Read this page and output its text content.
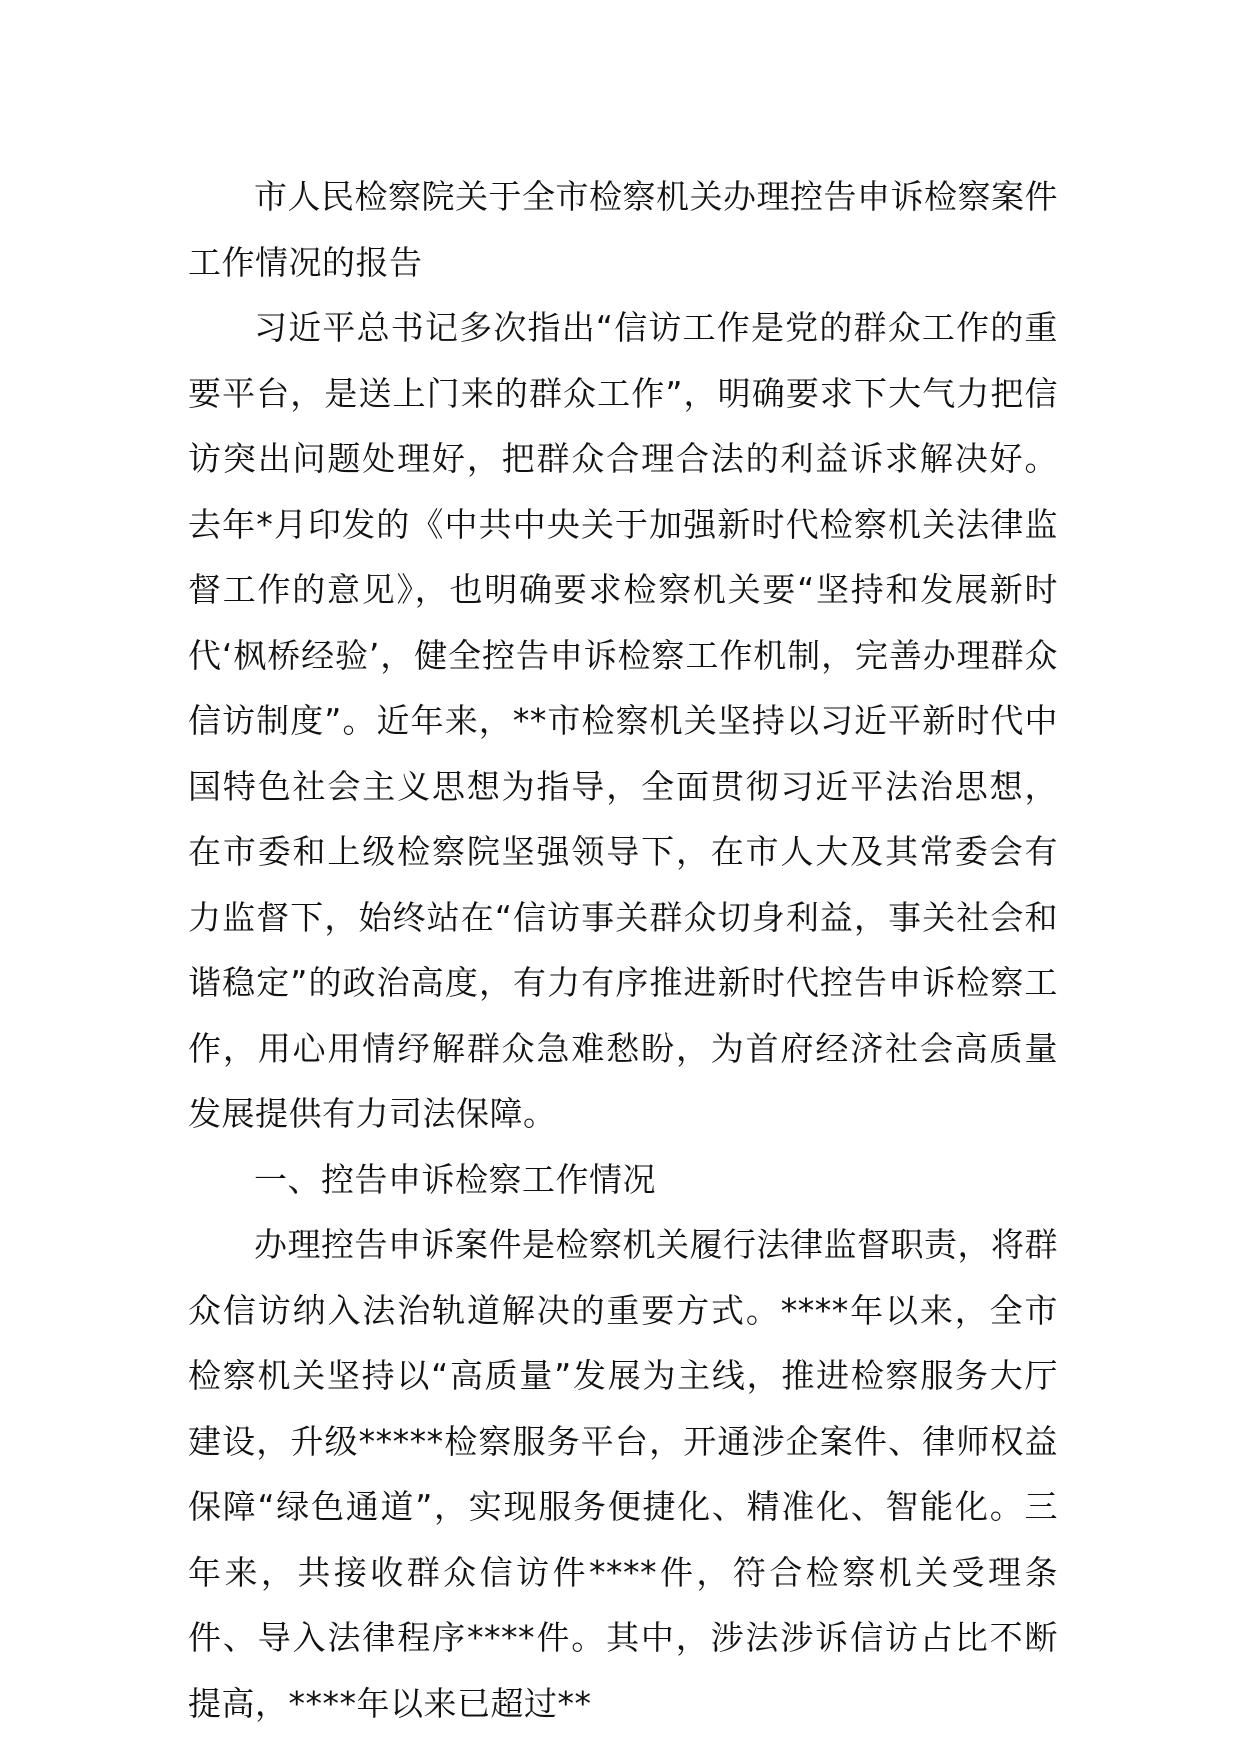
市人民检察院关于全市检察机关办理控告申诉检察案件工作情况的报告

习近平总书记多次指出“信访工作是党的群众工作的重要平台，是送上门来的群众工作”，明确要求下大气力把信访突出问题处理好，把群众合理合法的利益诉求解决好。去年*月印发的《中共中央关于加强新时代检察机关法律监督工作的意见》，也明确要求检察机关要“坚持和发展新时代‘枫桥经验’，健全控告申诉检察工作机制，完善办理群众信访制度”。近年来，**市检察机关坚持以习近平新时代中国特色社会主义思想为指导，全面贯彻习近平法治思想，在市委和上级检察院坚强领导下，在市人大及其常委会有力监督下，始终站在“信访事关群众切身利益，事关社会和谐稳定”的政治高度，有力有序推进新时代控告申诉检察工作，用心用情纾解群众急难愁盼，为首府经济社会高质量发展提供有力司法保障。

一、控告申诉检察工作情况

办理控告申诉案件是检察机关履行法律监督职责，将群众信访纳入法治轨道解决的重要方式。****年以来，全市检察机关坚持以“高质量”发展为主线，推进检察服务大厅建设，升级*****检察服务平台，开通涉企案件、律师权益保障“绿色通道”，实现服务便捷化、精准化、智能化。三年来，共接收群众信访件****件，符合检察机关受理条件、导入法律程序****件。其中，涉法涉诉信访占比不断提高，****年以来已超过**
